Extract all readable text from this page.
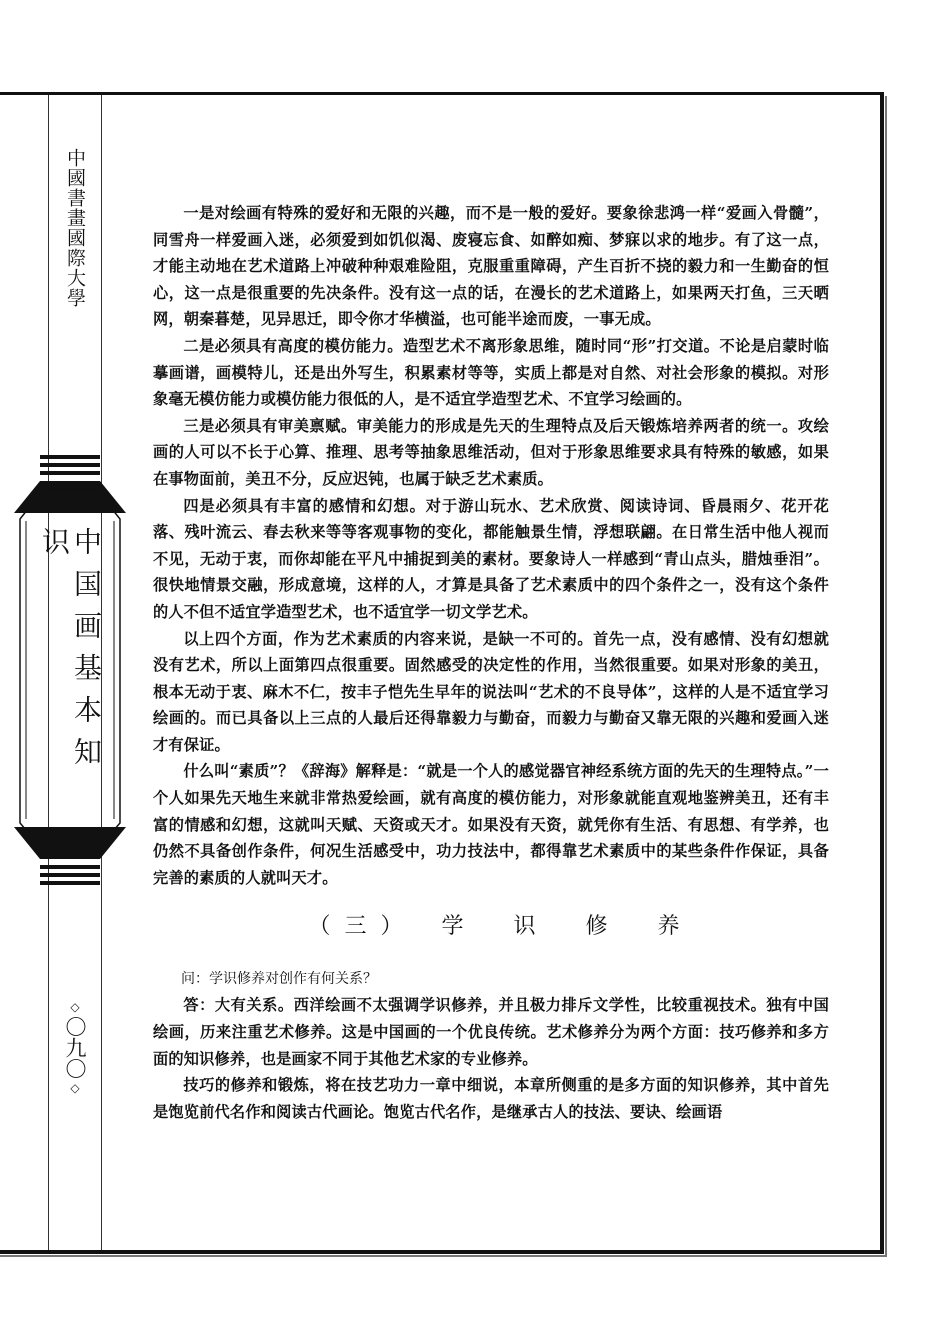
中國書畫國際大學
中国画基本知识
◇
〇九〇
◇

一是对绘画有特殊的爱好和无限的兴趣，而不是一般的爱好。要象徐悲鸿一样“爱画入骨髓”，同雪舟一样爱画入迷，必须爱到如饥似渴、废寝忘食、如醉如痴、梦寐以求的地步。有了这一点，才能主动地在艺术道路上冲破种种艰难险阻，克服重重障碍，产生百折不挠的毅力和一生勤奋的恒心，这一点是很重要的先决条件。没有这一点的话，在漫长的艺术道路上，如果两天打鱼，三天晒网，朝秦暮楚，见异思迁，即令你才华横溢，也可能半途而废，一事无成。

二是必须具有高度的模仿能力。造型艺术不离形象思维，随时同“形”打交道。不论是启蒙时临摹画谱，画模特儿，还是出外写生，积累素材等等，实质上都是对自然、对社会形象的模拟。对形象毫无模仿能力或模仿能力很低的人，是不适宜学造型艺术、不宜学习绘画的。

三是必须具有审美禀赋。审美能力的形成是先天的生理特点及后天锻炼培养两者的统一。攻绘画的人可以不长于心算、推理、思考等抽象思维活动，但对于形象思维要求具有特殊的敏感，如果在事物面前，美丑不分，反应迟钝，也属于缺乏艺术素质。

四是必须具有丰富的感情和幻想。对于游山玩水、艺术欣赏、阅读诗词、昏晨雨夕、花开花落、残叶流云、春去秋来等等客观事物的变化，都能触景生情，浮想联翩。在日常生活中他人视而不见，无动于衷，而你却能在平凡中捕捉到美的素材。要象诗人一样感到“青山点头，腊烛垂泪”。很快地情景交融，形成意境，这样的人，才算是具备了艺术素质中的四个条件之一，没有这个条件的人不但不适宜学造型艺术，也不适宜学一切文学艺术。

以上四个方面，作为艺术素质的内容来说，是缺一不可的。首先一点，没有感情、没有幻想就没有艺术，所以上面第四点很重要。固然感受的决定性的作用，当然很重要。如果对形象的美丑，根本无动于衷、麻木不仁，按丰子恺先生早年的说法叫“艺术的不良导体”，这样的人是不适宜学习绘画的。而已具备以上三点的人最后还得靠毅力与勤奋，而毅力与勤奋又靠无限的兴趣和爱画入迷才有保证。

什么叫“素质”？《辞海》解释是：“就是一个人的感觉器官神经系统方面的先天的生理特点。”一个人如果先天地生来就非常热爱绘画，就有高度的模仿能力，对形象就能直观地鉴辨美丑，还有丰富的情感和幻想，这就叫天赋、天资或天才。如果没有天资，就凭你有生活、有思想、有学养，也仍然不具备创作条件，何况生活感受中，功力技法中，都得靠艺术素质中的某些条件作保证，具备完善的素质的人就叫天才。

（三）　学　识　修　养

问：学识修养对创作有何关系？

答：大有关系。西洋绘画不太强调学识修养，并且极力排斥文学性，比较重视技术。独有中国绘画，历来注重艺术修养。这是中国画的一个优良传统。艺术修养分为两个方面：技巧修养和多方面的知识修养，也是画家不同于其他艺术家的专业修养。

技巧的修养和锻炼，将在技艺功力一章中细说，本章所侧重的是多方面的知识修养，其中首先是饱览前代名作和阅读古代画论。饱览古代名作，是继承古人的技法、要诀、绘画语
